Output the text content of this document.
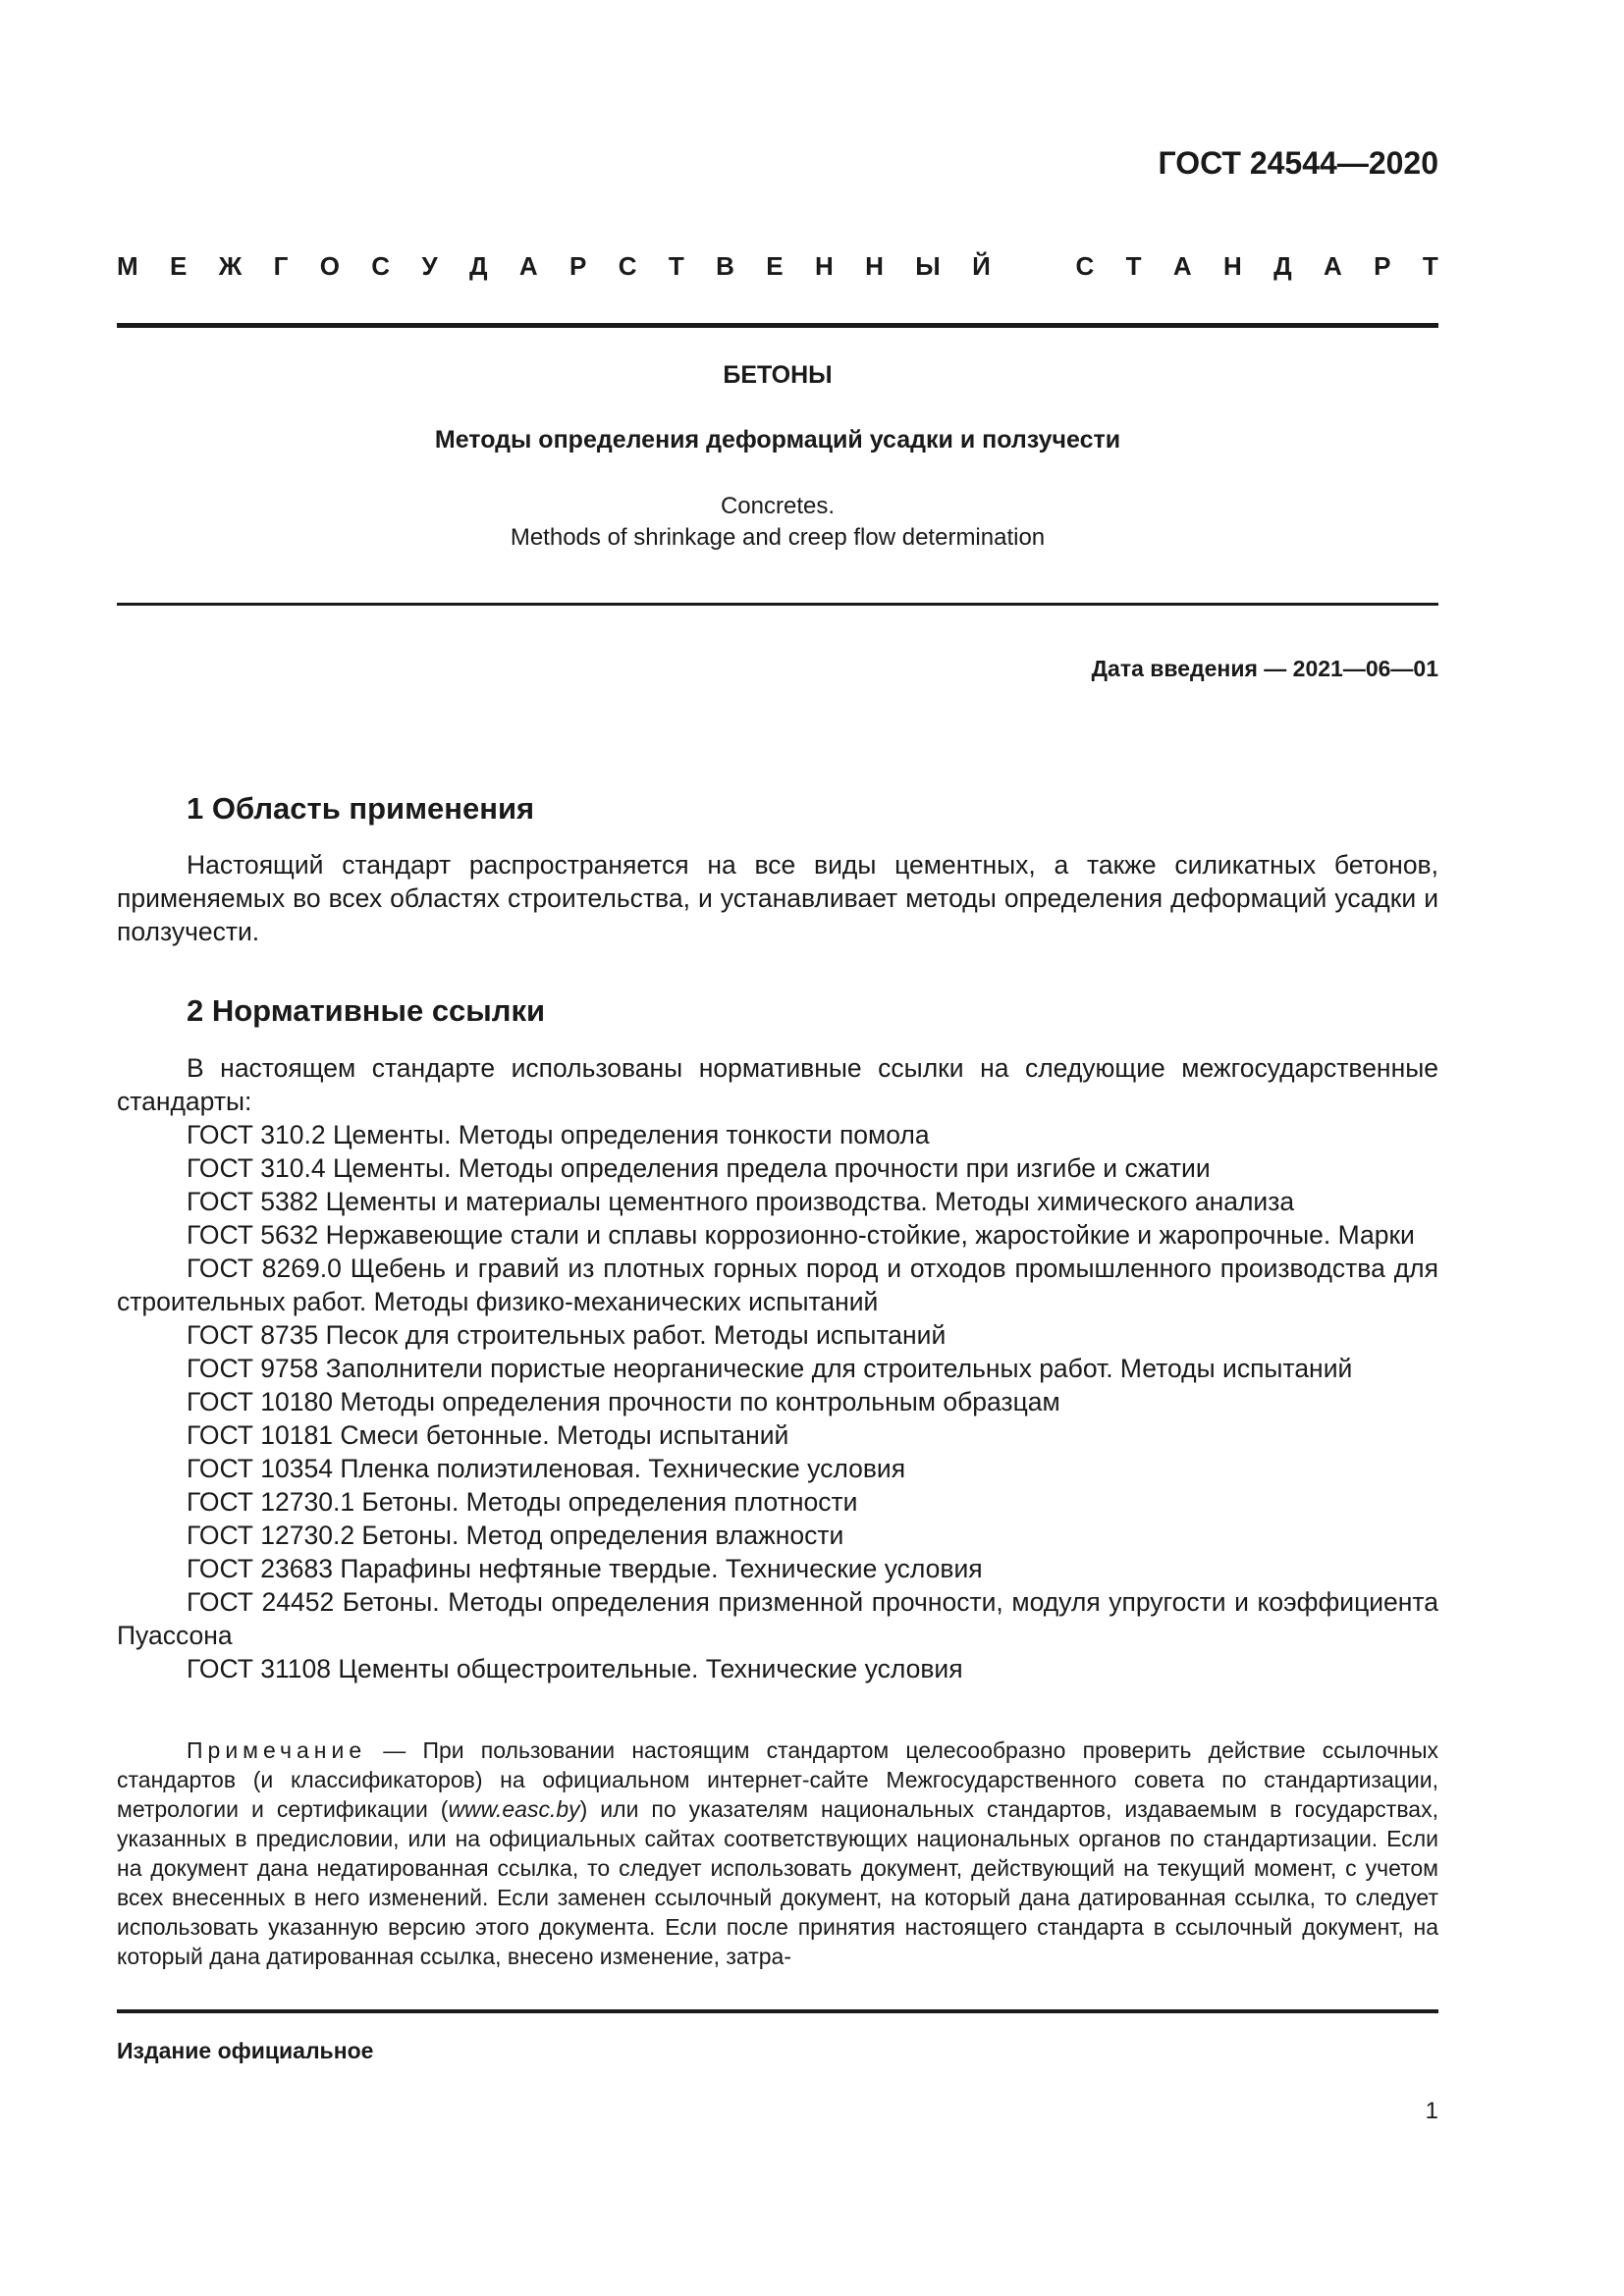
ГОСТ 24544—2020
М Е Ж Г О С У Д А Р С Т В Е Н Н Ы Й	С Т А Н Д А Р Т
БЕТОНЫ
Методы определения деформаций усадки и ползучести
Concretes.
Methods of shrinkage and creep flow determination
Дата введения — 2021—06—01
1 Область применения

Настоящий стандарт распространяется на все виды цементных, а также силикатных бетонов, применяемых во всех областях строительства, и устанавливает методы определения деформаций усадки и ползучести.

2 Нормативные ссылки

В настоящем стандарте использованы нормативные ссылки на следующие межгосударственные стандарты:

ГОСТ 310.2 Цементы. Методы определения тонкости помола
ГОСТ 310.4 Цементы. Методы определения предела прочности при изгибе и сжатии
ГОСТ 5382 Цементы и материалы цементного производства. Методы химического анализа
ГОСТ 5632 Нержавеющие стали и сплавы коррозионно-стойкие, жаростойкие и жаропрочные. Марки
ГОСТ 8269.0 Щебень и гравий из плотных горных пород и отходов промышленного производства для строительных работ. Методы физико-механических испытаний
ГОСТ 8735 Песок для строительных работ. Методы испытаний
ГОСТ 9758 Заполнители пористые неорганические для строительных работ. Методы испытаний
ГОСТ 10180 Методы определения прочности по контрольным образцам
ГОСТ 10181 Смеси бетонные. Методы испытаний
ГОСТ 10354 Пленка полиэтиленовая. Технические условия
ГОСТ 12730.1 Бетоны. Методы определения плотности
ГОСТ 12730.2 Бетоны. Метод определения влажности
ГОСТ 23683 Парафины нефтяные твердые. Технические условия
ГОСТ 24452 Бетоны. Методы определения призменной прочности, модуля упругости и коэффициента Пуассона
ГОСТ 31108 Цементы общестроительные. Технические условия
Примечание — При пользовании настоящим стандартом целесообразно проверить действие ссылочных стандартов (и классификаторов) на официальном интернет-сайте Межгосударственного совета по стандартизации, метрологии и сертификации (www.easc.by) или по указателям национальных стандартов, издаваемым в государствах, указанных в предисловии, или на официальных сайтах соответствующих национальных органов по стандартизации. Если на документ дана недатированная ссылка, то следует использовать документ, действующий на текущий момент, с учетом всех внесенных в него изменений. Если заменен ссылочный документ, на который дана датированная ссылка, то следует использовать указанную версию этого документа. Если после принятия настоящего стандарта в ссылочный документ, на который дана датированная ссылка, внесено изменение, затра-
Издание официальное
1
